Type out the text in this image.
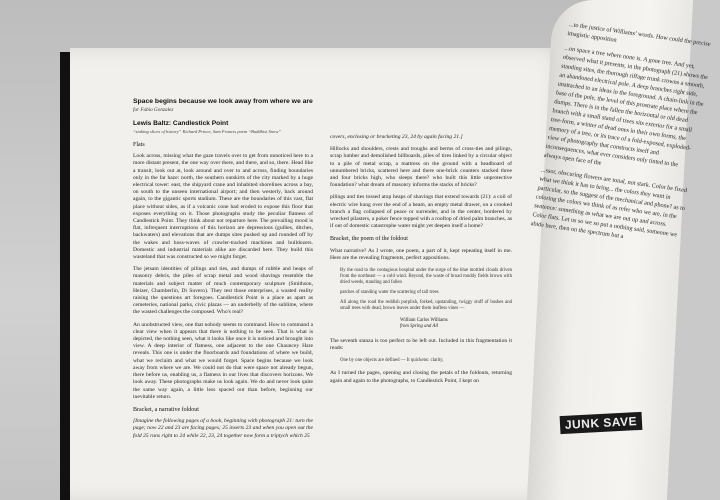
Space begins because we look away from where we are
for Fabio Gonzalez
Lewis Baltz: Candlestick Point
“staking slices of history” Richard Prince, Sam Francis poem “Buddhist Snow”
Flats

Look across, missing what the gaze travels over to get from unnoticed here to a more distant present, the one way over there, and there, and so, there. Head like a transit, look out at, look around and over to and across, finding boundaries only in the far haze: north, the southern outskirts of the city marked by a huge electrical tower: east, the shipyard crane and inhabited shorelines across a bay, on south to the unseen international airport; and then westerly, back around again, to the gigantic sports stadium. These are the boundaries of this vast, flat place without sides, as if a volcanic cone had eroded to expose this floor that exposes everything on it. Those photographs study the peculiar flatness of Candlestick Point. They think about not reparture here. The prevailing mood is flat, infrequent interruptions of this horizon are depressions (gullies, ditches, backwaters) and elevations that are dumps sites pushed up and rounded off by the wakes and hoss-waves of crawler-tracked machines and bulldozers. Domestic and industrial materials alike are discarded here. They build this wasteland that was constructed so we might forget.

The jetsam identities of pilings and ties, and dumps of rubble and heaps of masonry debris, the piles of scrap metal and wood shavings resemble the materials and subject matter of much contemporary sculpture (Smithson, Heizer, Chamberlin, Di Suvero). They test those enterprises, a wasted reality raising the questions art foregoes. Candlestick Point is a place as apart as cemeteries, national parks, civic plazas — an underbelly of the sublime, where the wasted challenges the composed. Who's real?

An unobstructed view, one that nobody seems to command. How to command a clear view when it appears that there is nothing to be seen. That is what is depicted, the nothing seen, what it looks like once it is noticed and brought into view. A deep interior of flatness, one adjacent to the one Chauncey Hare reveals. This one is under the floorboards and foundations of where we build, what we reclaim and what we would forget. Space begins because we look away from where we are. We could not do that were space not already begun, there before us, enabling us, a flatness in our lives that discovers horizons. We look away. These photographs make us look again. We do and never look quite the same way again, a little less spaced out than before, beginning our inevitable return.

Bracket, a narrative foldout

[Imagine the following pages of a book, beginning with photograph 21: turn the page; now 22 and 23 are facing pages; 25 inserts 23 and when you open out the fold 25 runs right to 24 while 22, 23, 24 together now form a triptych which 25

covers, enclosing or bracketing 23, 24 by again facing 21.]

Hillocks and shoulders, crests and troughs and berms of cross-ties and pilings, scrap lumber and demolished billboards, piles of tires linked by a circular object to a pile of metal scrap, a mattress on the ground with a headboard of unnumbered bricks, scattered here and there one-brick counters stacked three and four bricks high, who sleeps there? who built this little unprotective foundation? what dream of masonry informs the stacks of bricks?

pilings and ties tossed atop heaps of shavings that extend towards (21): a coil of electric wire hung over the end of a beam, an empty metal drawer, on a crooked branch a flag collapsed of peace or surrender, and in the center, bordered by wrecked pilasters, a poker fence topped with a rooftop of dried palm branches, as if out of domestic catastrophe water might yet deepen itself a home?

Bracket, the poem of the foldout

What narrative? As I wrote, one poem, a part of it, kept repeating itself in me. Here are the revealing fragments, perfect appositions.

By the road to the contagious hospital under the surge of the blue mottled clouds driven from the northeast — a cold wind. Beyond, the waste of broad muddy fields brown with dried weeds, standing and fallen

patches of standing water the scattering of tall trees

All along the road the reddish purplish, forked, upstanding, twiggy stuff of bushes and small trees with dead, brown leaves under them leafless vines —

William Carlos Williams
from Spring and All

The seventh stanza is too perfect to be left out. Included in this fragmentation it reads:

One by one objects are defined — It quickens: clarity,

As I turned the pages, opening and closing the petals of the foldouts, returning again and again to the photographs, to Candlestick Point, I kept on

...to the justice of Williams’ words. How could the precise imagistic apposition

...on space a tree where none is. A gone tree. And yet, observed what it presents, in the photograph (21) shows the standing sites, the thorough riffage trunk crowns a smooth, an abandoned electrical pole. A deep branches right side, unattached to an ideas in the foreground. A chain-link in the base of the pole, the level of this prostrate place where the dumps. There is in the fallen the horizontal or old dead branch with a small stand of trees sits exterior for a small tree-form, a winter of dead ones in their own forms, the memory of a tree, or its trace of a fold-exposed, exploded-view of photography that constructs itself and inconsequences, what ever considers only tinted to the always open face of the

...ssor, obscuring flowers are tonal, not stark. Color be fixed what we think it has to bring... the colors they want in particular, so the suggest of the mechanical and phone? as to coloring the colors we think of as refer who we are, in the sentence: something as what we are out up and across. Color flats. Let us so we so put a nothing said, someone we abide here, then on the spectrum but a

JUNK SAVE
